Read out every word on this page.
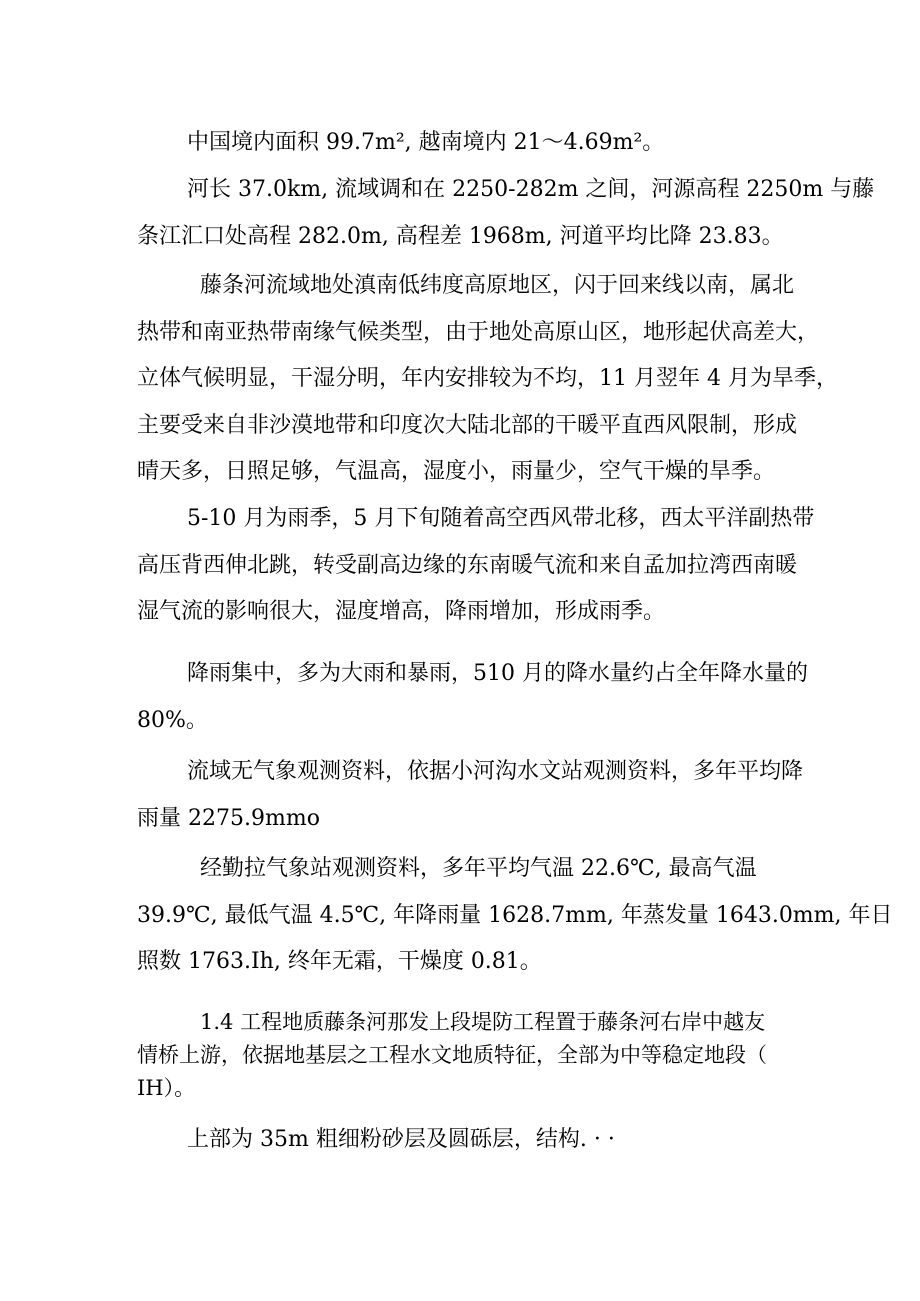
中国境内面积 99.7m², 越南境内 21～4.69m²。

河长 37.0km, 流域调和在 2250-282m 之间，河源高程 2250m 与藤
条江汇口处高程 282.0m, 高程差 1968m, 河道平均比降 23.83。

藤条河流域地处滇南低纬度高原地区，闪于回来线以南，属北
热带和南亚热带南缘气候类型，由于地处高原山区，地形起伏高差大，
立体气候明显，干湿分明，年内安排较为不均，11 月翌年 4 月为旱季，
主要受来自非沙漠地带和印度次大陆北部的干暖平直西风限制，形成
晴天多，日照足够，气温高，湿度小，雨量少，空气干燥的旱季。

5-10 月为雨季，5 月下旬随着高空西风带北移，西太平洋副热带
高压背西伸北跳，转受副高边缘的东南暖气流和来自孟加拉湾西南暖
湿气流的影响很大，湿度增高，降雨增加，形成雨季。

降雨集中，多为大雨和暴雨，510 月的降水量约占全年降水量的
80%。

流域无气象观测资料，依据小河沟水文站观测资料，多年平均降
雨量 2275.9mmo

经勤拉气象站观测资料，多年平均气温 22.6℃, 最高气温
39.9℃, 最低气温 4.5℃, 年降雨量 1628.7mm, 年蒸发量 1643.0mm, 年日
照数 1763.Ih, 终年无霜，干燥度 0.81。

1.4 工程地质藤条河那发上段堤防工程置于藤条河右岸中越友
情桥上游，依据地基层之工程水文地质特征，全部为中等稳定地段（
IH）。

上部为 35m 粗细粉砂层及圆砾层，结构. · ·
